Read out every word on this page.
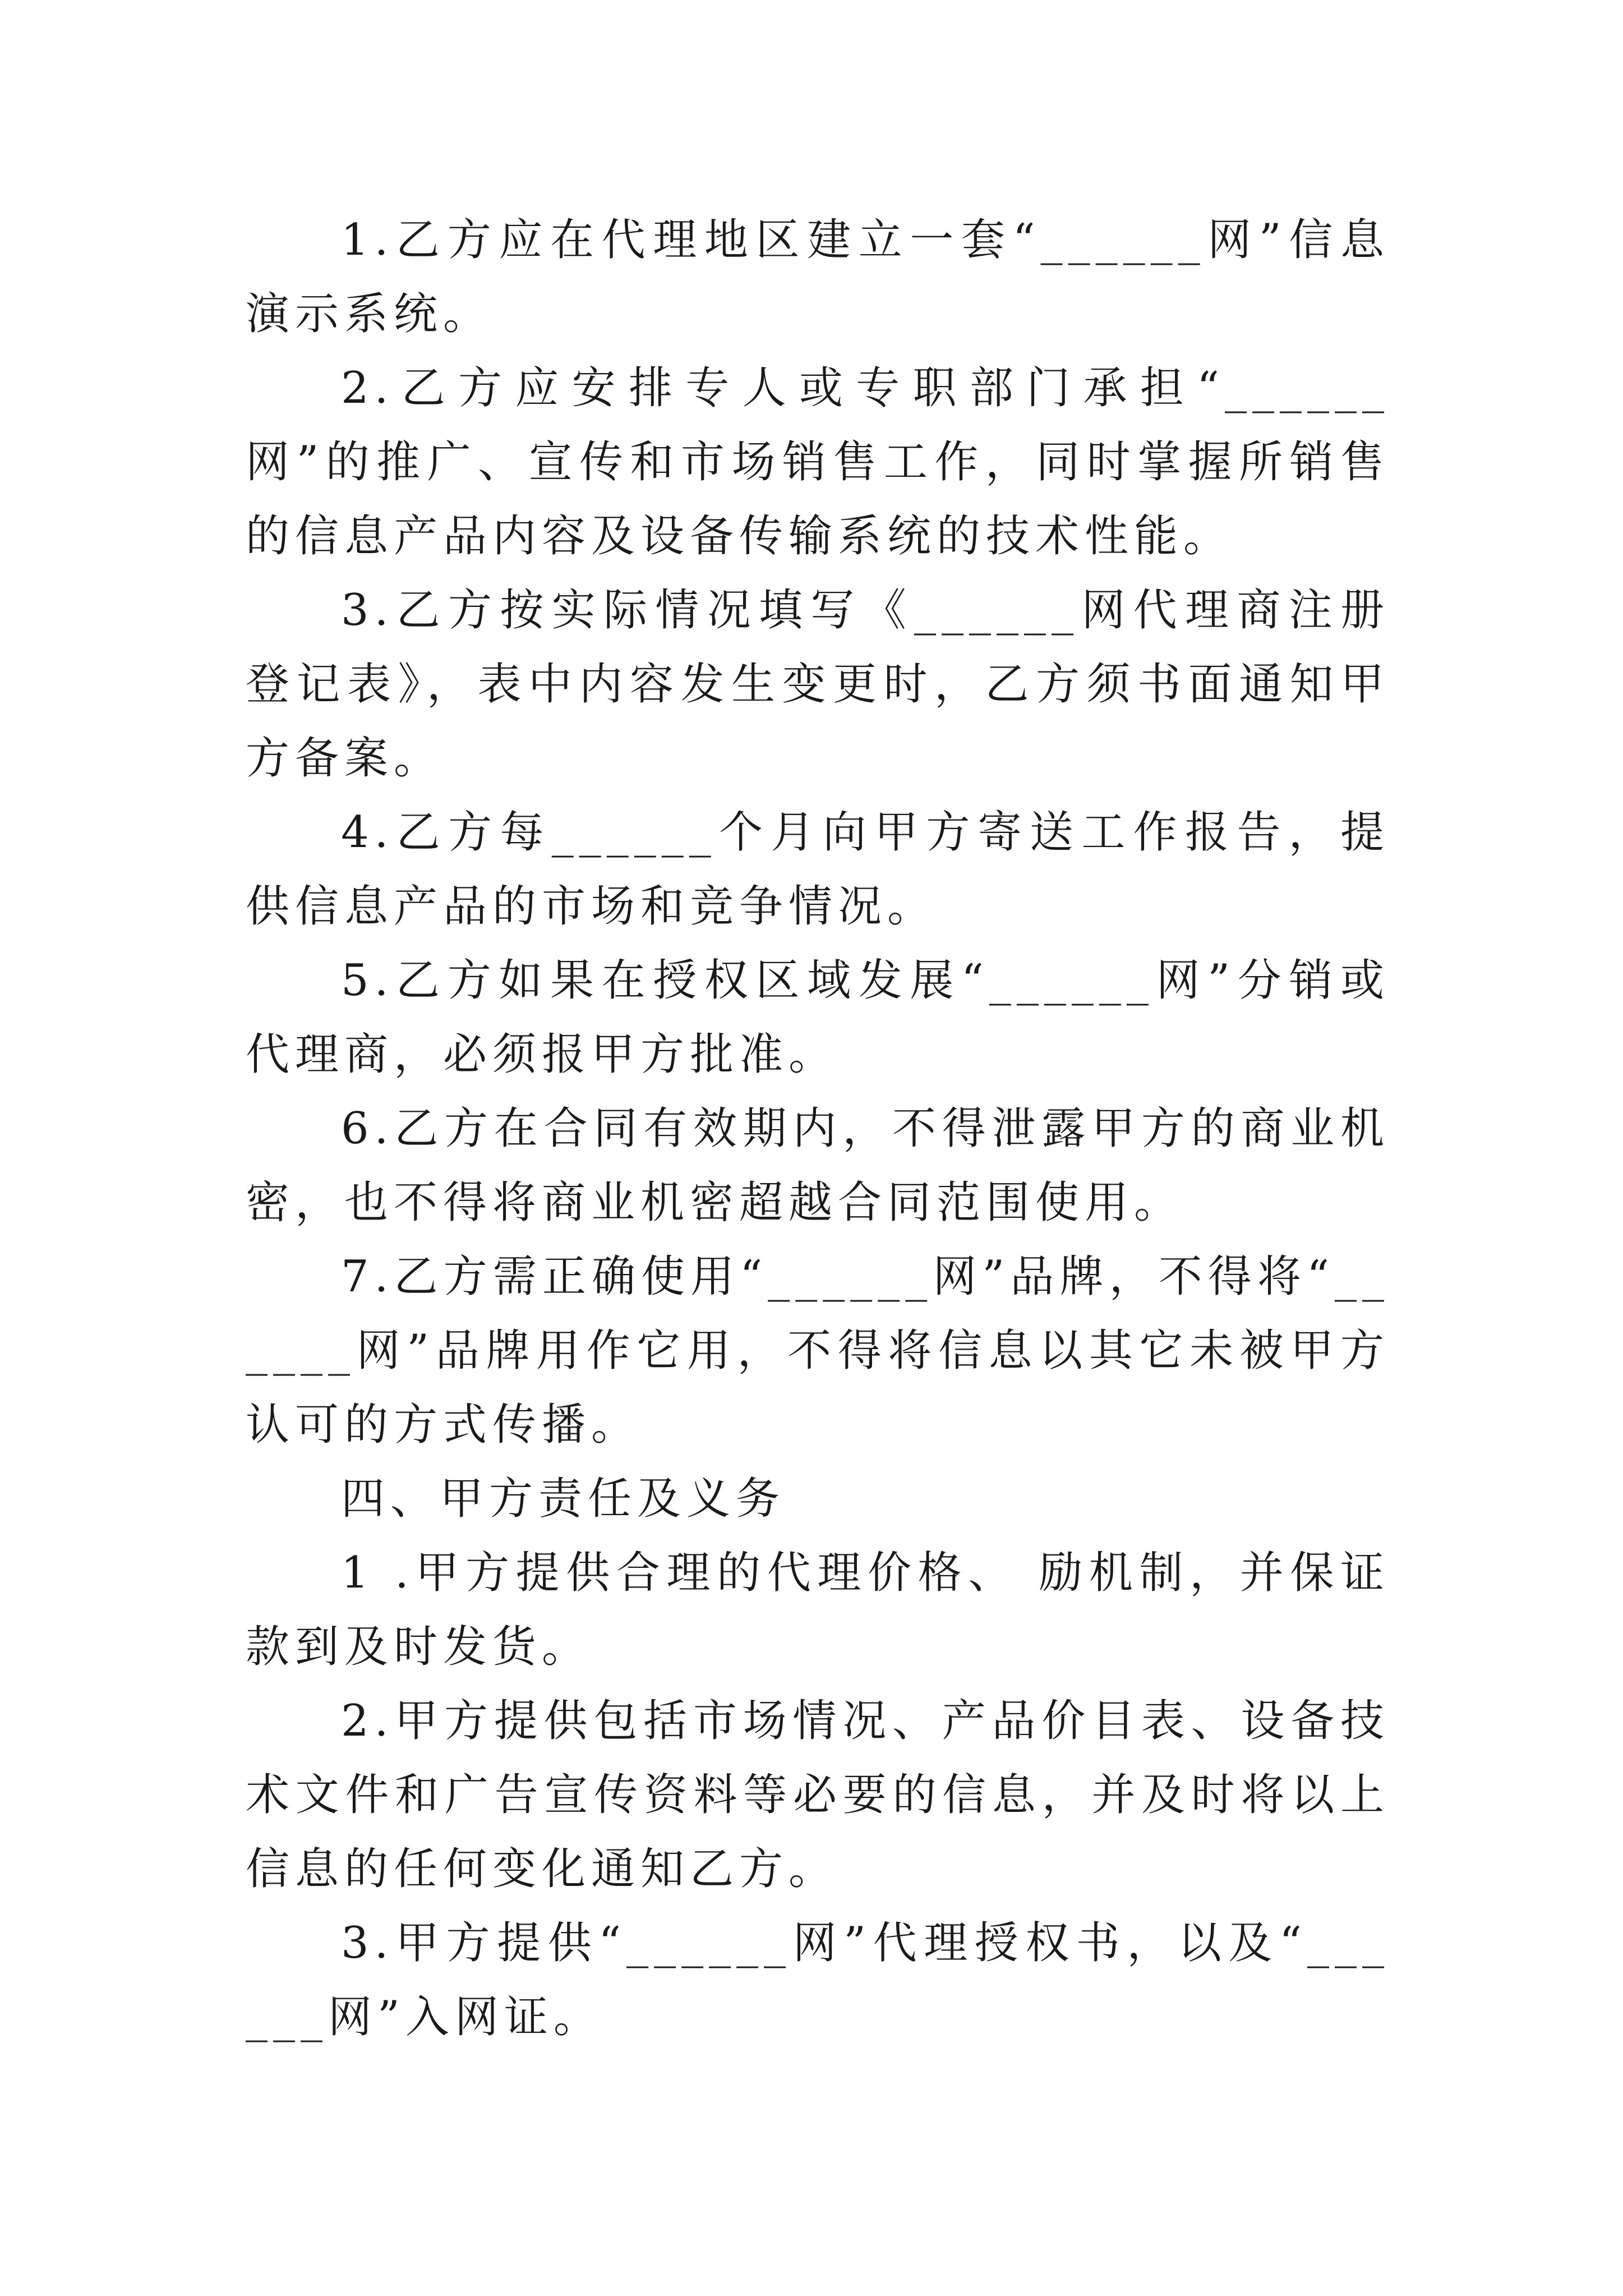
1.乙方应在代理地区建立一套“______网”信息演示系统。

2.乙方应安排专人或专职部门承担“______网”的推广、宣传和市场销售工作，同时掌握所销售的信息产品内容及设备传输系统的技术性能。

3.乙方按实际情况填写《______网代理商注册登记表》，表中内容发生变更时，乙方须书面通知甲方备案。

4.乙方每______个月向甲方寄送工作报告，提供信息产品的市场和竞争情况。

5.乙方如果在授权区域发展“______网”分销或代理商，必须报甲方批准。

6.乙方在合同有效期内，不得泄露甲方的商业机密，也不得将商业机密超越合同范围使用。

7.乙方需正确使用“______网”品牌，不得将“______网”品牌用作它用，不得将信息以其它未被甲方认可的方式传播。

四、甲方责任及义务

1 .甲方提供合理的代理价格、 励机制，并保证款到及时发货。

2.甲方提供包括市场情况、产品价目表、设备技术文件和广告宣传资料等必要的信息，并及时将以上信息的任何变化通知乙方。

3.甲方提供“______网”代理授权书，以及“______网”入网证。
